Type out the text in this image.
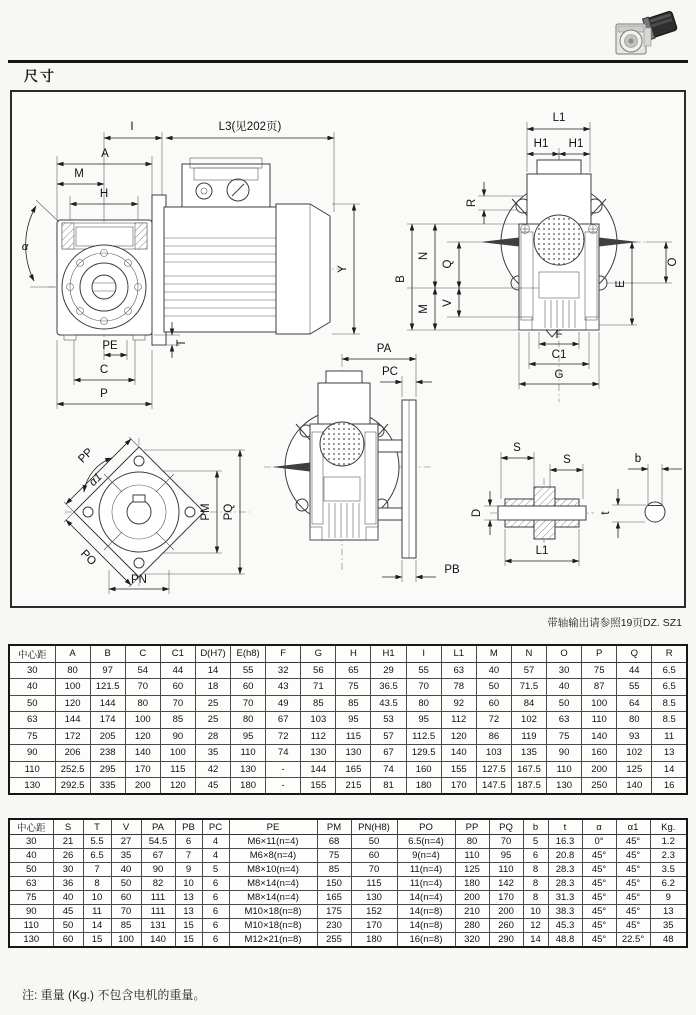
尺寸
I	L3(见202页)
A
M
H
α
Y
T
PE
C
P
L1
H1 H1
R
B
N
Q
M
V
O
E
F
C1
G
PP
α1
PO
PN
PM PQ
PA
PC
PB
S
S
D
L1
b
t
带轴输出请参照19页DZ. SZ1
中心距	A	B	C	C1	D(H7)	E(h8)	F	G	H	H1	I	L1	M	N	O	P	Q	R
30	80	97	54	44	14	55	32	56	65	29	55	63	40	57	30	75	44	6.5
40	100	121.5	70	60	18	60	43	71	75	36.5	70	78	50	71.5	40	87	55	6.5
50	120	144	80	70	25	70	49	85	85	43.5	80	92	60	84	50	100	64	8.5
63	144	174	100	85	25	80	67	103	95	53	95	112	72	102	63	110	80	8.5
75	172	205	120	90	28	95	72	112	115	57	112.5	120	86	119	75	140	93	11
90	206	238	140	100	35	110	74	130	130	67	129.5	140	103	135	90	160	102	13
110	252.5	295	170	115	42	130	-	144	165	74	160	155	127.5	167.5	110	200	125	14
130	292.5	335	200	120	45	180	-	155	215	81	180	170	147.5	187.5	130	250	140	16
中心距	S	T	V	PA	PB	PC	PE	PM	PN(H8)	PO	PP	PQ	b	t	α	α1	Kg.
30	21	5.5	27	54.5	6	4	M6×11(n=4)	68	50	6.5(n=4)	80	70	5	16.3	0°	45°	1.2
40	26	6.5	35	67	7	4	M6×8(n=4)	75	60	9(n=4)	110	95	6	20.8	45°	45°	2.3
50	30	7	40	90	9	5	M8×10(n=4)	85	70	11(n=4)	125	110	8	28.3	45°	45°	3.5
63	36	8	50	82	10	6	M8×14(n=4)	150	115	11(n=4)	180	142	8	28.3	45°	45°	6.2
75	40	10	60	111	13	6	M8×14(n=4)	165	130	14(n=4)	200	170	8	31.3	45°	45°	9
90	45	11	70	111	13	6	M10×18(n=8)	175	152	14(n=8)	210	200	10	38.3	45°	45°	13
110	50	14	85	131	15	6	M10×18(n=8)	230	170	14(n=8)	280	260	12	45.3	45°	45°	35
130	60	15	100	140	15	6	M12×21(n=8)	255	180	16(n=8)	320	290	14	48.8	45°	22.5°	48
注: 重量 (Kg.) 不包含电机的重量。
